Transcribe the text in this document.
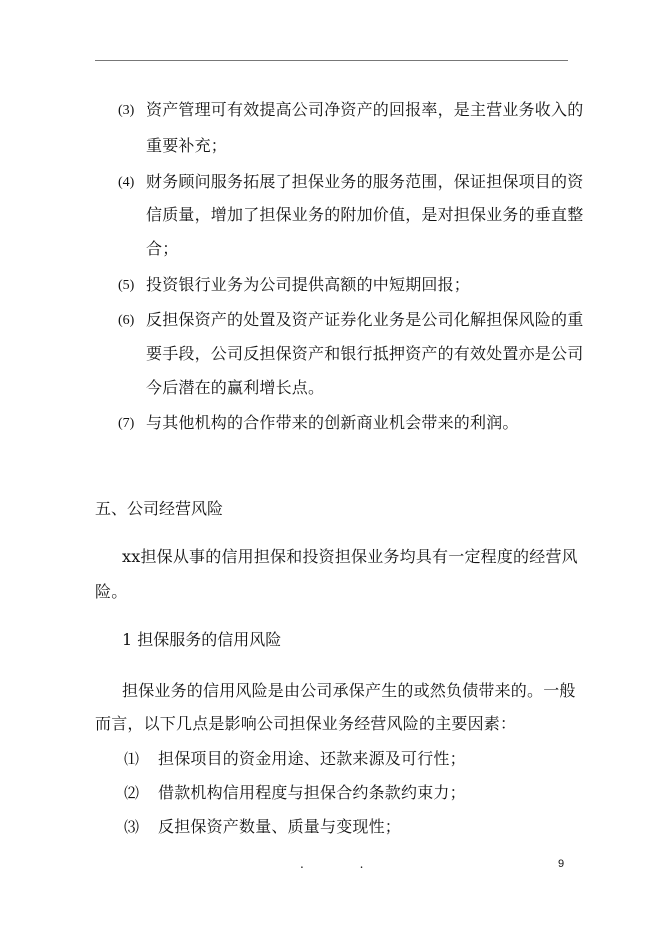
(3) 资产管理可有效提高公司净资产的回报率，是主营业务收入的
重要补充；
(4) 财务顾问服务拓展了担保业务的服务范围，保证担保项目的资
信质量，增加了担保业务的附加价值，是对担保业务的垂直整
合；
(5) 投资银行业务为公司提供高额的中短期回报；
(6) 反担保资产的处置及资产证券化业务是公司化解担保风险的重
要手段，公司反担保资产和银行抵押资产的有效处置亦是公司
今后潜在的赢利增长点。
(7) 与其他机构的合作带来的创新商业机会带来的利润。
五、公司经营风险
xx担保从事的信用担保和投资担保业务均具有一定程度的经营风
险。
1 担保服务的信用风险
担保业务的信用风险是由公司承保产生的或然负债带来的。一般
而言，以下几点是影响公司担保业务经营风险的主要因素：
⑴ 担保项目的资金用途、还款来源及可行性；
⑵ 借款机构信用程度与担保合约条款约束力；
⑶ 反担保资产数量、质量与变现性；
. .	9
